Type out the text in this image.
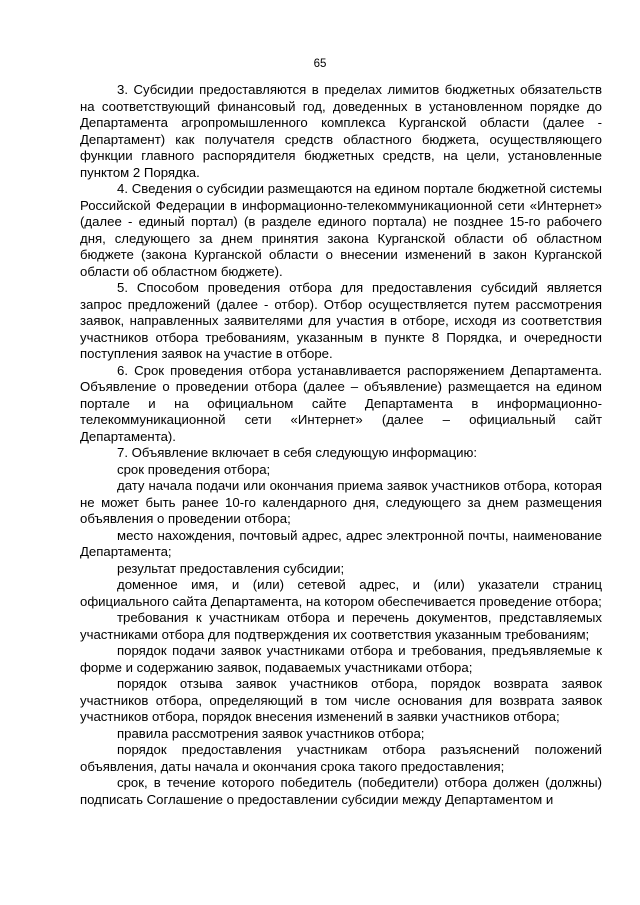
65

3. Субсидии предоставляются в пределах лимитов бюджетных обязательств на соответствующий финансовый год, доведенных в установленном порядке до Департамента агропромышленного комплекса Курганской области (далее - Департамент) как получателя средств областного бюджета, осуществляющего функции главного распорядителя бюджетных средств, на цели, установленные пунктом 2 Порядка.

4. Сведения о субсидии размещаются на едином портале бюджетной системы Российской Федерации в информационно-телекоммуникационной сети «Интернет» (далее - единый портал) (в разделе единого портала) не позднее 15-го рабочего дня, следующего за днем принятия закона Курганской области об областном бюджете (закона Курганской области о внесении изменений в закон Курганской области об областном бюджете).

5. Способом проведения отбора для предоставления субсидий является запрос предложений (далее - отбор). Отбор осуществляется путем рассмотрения заявок, направленных заявителями для участия в отборе, исходя из соответствия участников отбора требованиям, указанным в пункте 8 Порядка, и очередности поступления заявок на участие в отборе.

6. Срок проведения отбора устанавливается распоряжением Департамента. Объявление о проведении отбора (далее – объявление) размещается на едином портале и на официальном сайте Департамента в информационно-телекоммуникационной сети «Интернет» (далее – официальный сайт Департамента).

7. Объявление включает в себя следующую информацию:

срок проведения отбора;

дату начала подачи или окончания приема заявок участников отбора, которая не может быть ранее 10-го календарного дня, следующего за днем размещения объявления о проведении отбора;

место нахождения, почтовый адрес, адрес электронной почты, наименование Департамента;

результат предоставления субсидии;

доменное имя, и (или) сетевой адрес, и (или) указатели страниц официального сайта Департамента, на котором обеспечивается проведение отбора;

требования к участникам отбора и перечень документов, представляемых участниками отбора для подтверждения их соответствия указанным требованиям;

порядок подачи заявок участниками отбора и требования, предъявляемые к форме и содержанию заявок, подаваемых участниками отбора;

порядок отзыва заявок участников отбора, порядок возврата заявок участников отбора, определяющий в том числе основания для возврата заявок участников отбора, порядок внесения изменений в заявки участников отбора;

правила рассмотрения заявок участников отбора;

порядок предоставления участникам отбора разъяснений положений объявления, даты начала и окончания срока такого предоставления;

срок, в течение которого победитель (победители) отбора должен (должны) подписать Соглашение о предоставлении субсидии между Департаментом и
